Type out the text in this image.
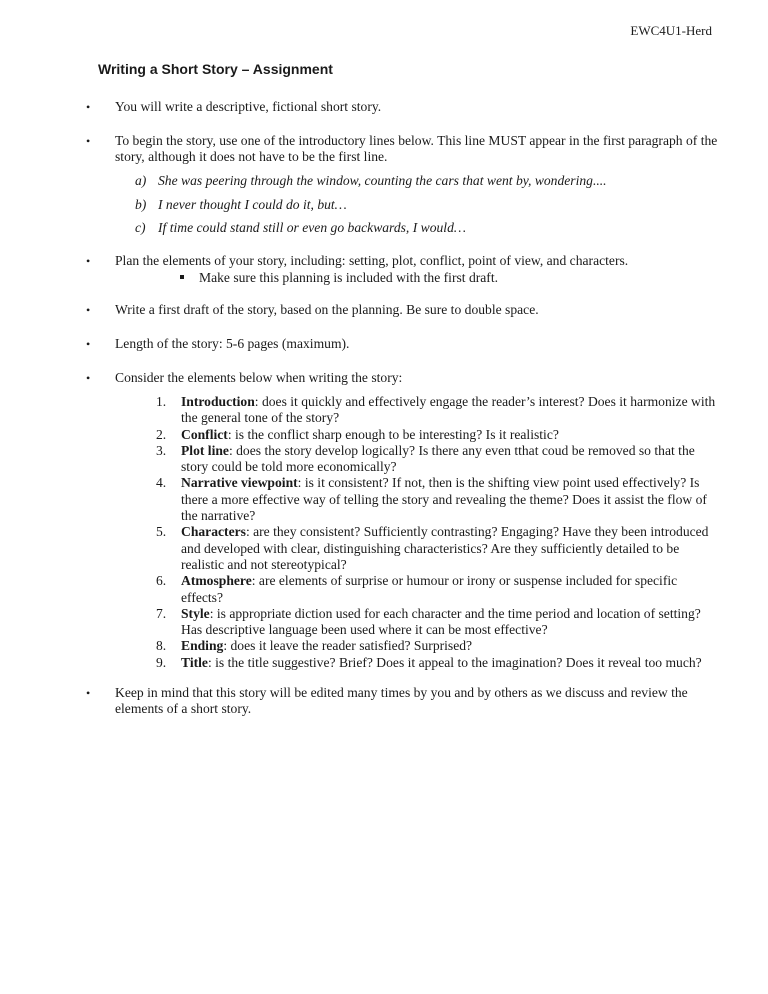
EWC4U1-Herd
Writing a Short Story – Assignment
•	You will write a descriptive, fictional short story.
•	To begin the story, use one of the introductory lines below. This line MUST appear in the first paragraph of the story, although it does not have to be the first line.
a) She was peering through the window, counting the cars that went by, wondering....
b) I never thought I could do it, but…
c) If time could stand still or even go backwards, I would…
•	Plan the elements of your story, including: setting, plot, conflict, point of view, and characters.
Make sure this planning is included with the first draft.
•	Write a first draft of the story, based on the planning. Be sure to double space.
•	Length of the story: 5-6 pages (maximum).
•	Consider the elements below when writing the story:
1. Introduction: does it quickly and effectively engage the reader’s interest? Does it harmonize with the general tone of the story?
2. Conflict: is the conflict sharp enough to be interesting? Is it realistic?
3. Plot line: does the story develop logically? Is there any even tthat coud be removed so that the story could be told more economically?
4. Narrative viewpoint: is it consistent? If not, then is the shifting view point used effectively? Is there a more effective way of telling the story and revealing the theme? Does it assist the flow of the narrative?
5. Characters: are they consistent? Sufficiently contrasting? Engaging? Have they been introduced and developed with clear, distinguishing characteristics? Are they sufficiently detailed to be realistic and not stereotypical?
6. Atmosphere: are elements of surprise or humour or irony or suspense included for specific effects?
7. Style: is appropriate diction used for each character and the time period and location of setting? Has descriptive language been used where it can be most effective?
8. Ending: does it leave the reader satisfied? Surprised?
9. Title: is the title suggestive? Brief? Does it appeal to the imagination? Does it reveal too much?
•	Keep in mind that this story will be edited many times by you and by others as we discuss and review the elements of a short story.
